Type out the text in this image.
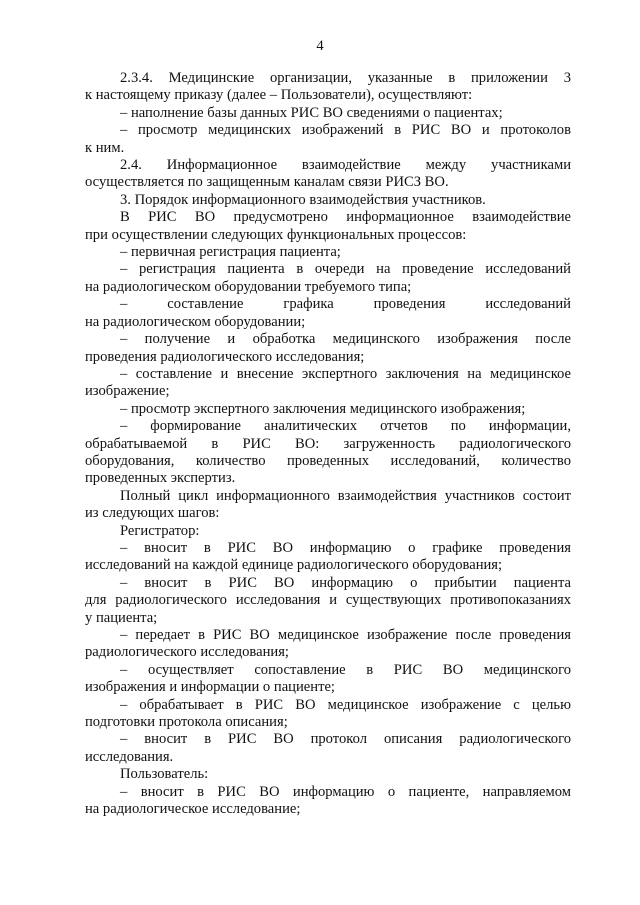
4

2.3.4. Медицинские организации, указанные в приложении 3
к настоящему приказу (далее – Пользователи), осуществляют:

– наполнение базы данных РИС ВО сведениями о пациентах;

– просмотр медицинских изображений в РИС ВО и протоколов
к ним.

2.4. Информационное взаимодействие между участниками
осуществляется по защищенным каналам связи РИСЗ ВО.

3. Порядок информационного взаимодействия участников.

В РИС ВО предусмотрено информационное взаимодействие
при осуществлении следующих функциональных процессов:

– первичная регистрация пациента;

– регистрация пациента в очереди на проведение исследований
на радиологическом оборудовании требуемого типа;

– составление графика проведения исследований
на радиологическом оборудовании;

– получение и обработка медицинского изображения после
проведения радиологического исследования;

– составление и внесение экспертного заключения на медицинское
изображение;

– просмотр экспертного заключения медицинского изображения;

– формирование аналитических отчетов по информации,
обрабатываемой в РИС ВО: загруженность радиологического
оборудования, количество проведенных исследований, количество
проведенных экспертиз.

Полный цикл информационного взаимодействия участников состоит
из следующих шагов:

Регистратор:

– вносит в РИС ВО информацию о графике проведения
исследований на каждой единице радиологического оборудования;

– вносит в РИС ВО информацию о прибытии пациента
для радиологического исследования и существующих противопоказаниях
у пациента;

– передает в РИС ВО медицинское изображение после проведения
радиологического исследования;

– осуществляет сопоставление в РИС ВО медицинского
изображения и информации о пациенте;

– обрабатывает в РИС ВО медицинское изображение с целью
подготовки протокола описания;

– вносит в РИС ВО протокол описания радиологического
исследования.

Пользователь:

– вносит в РИС ВО информацию о пациенте, направляемом
на радиологическое исследование;
